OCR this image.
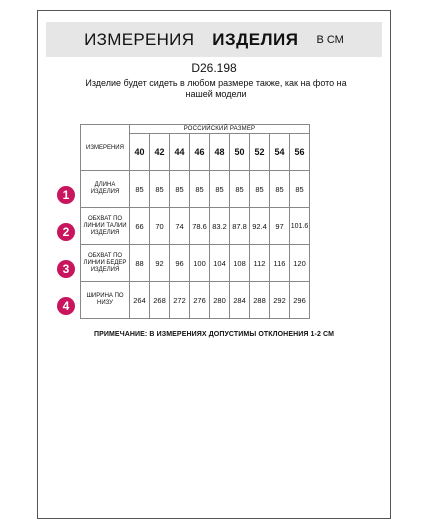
ИЗМЕРЕНИЯ ИЗДЕЛИЯ В СМ
D26.198
Изделие будет сидеть в любом размере также, как на фото на нашей модели
ИЗМЕРЕНИЯ	РОССИЙСКИЙ РАЗМЕР								
	40	42	44	46	48	50	52	54	56
ДЛИНА ИЗДЕЛИЯ	85	85	85	85	85	85	85	85	85
ОБХВАТ ПО ЛИНИИ ТАЛИИ ИЗДЕЛИЯ	66	70	74	78.6	83.2	87.8	92.4	97	101.6
ОБХВАТ ПО ЛИНИИ БЕДЕР ИЗДЕЛИЯ	88	92	96	100	104	108	112	116	120
ШИРИНА ПО НИЗУ	264	268	272	276	280	284	288	292	296
1
2
3
4
ПРИМЕЧАНИЕ: В ИЗМЕРЕНИЯХ ДОПУСТИМЫ ОТКЛОНЕНИЯ 1-2 СМ
